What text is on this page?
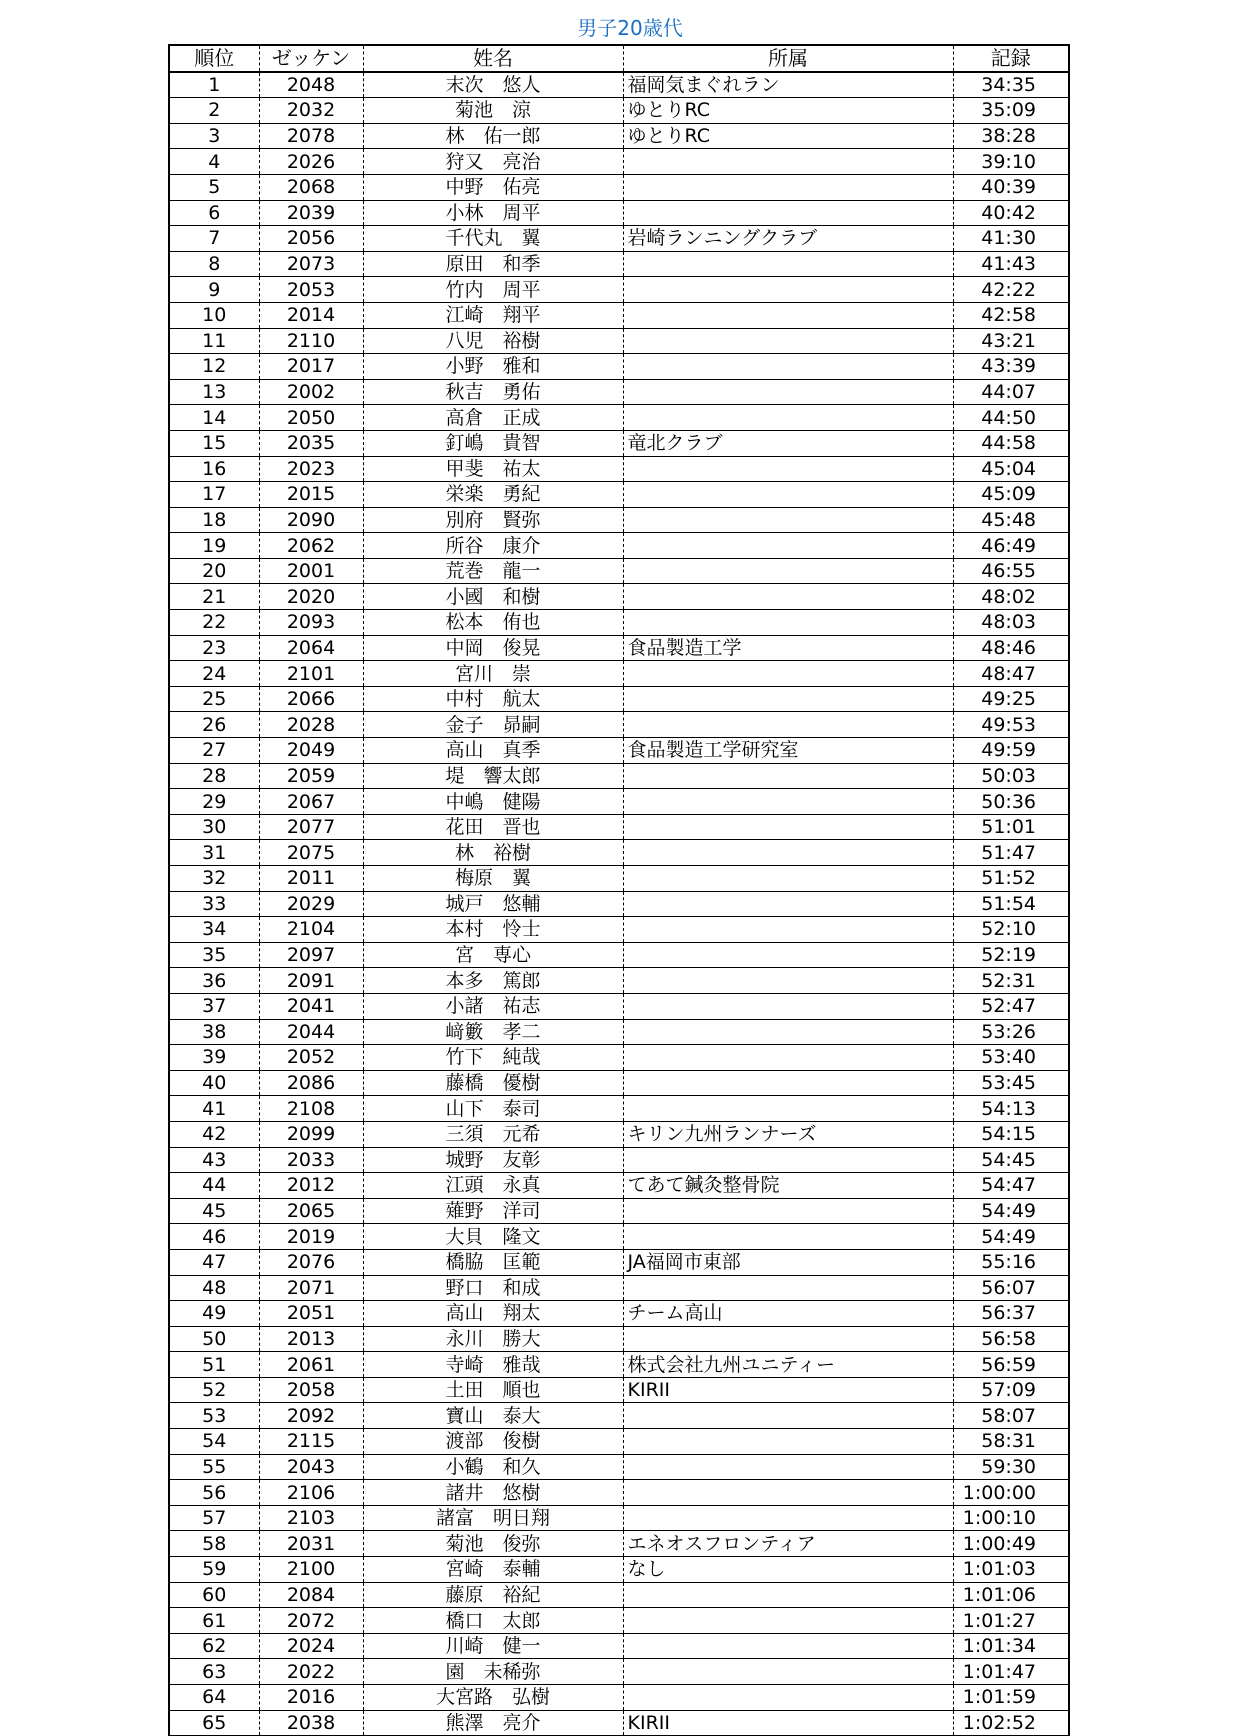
男子20歳代
順位	ゼッケン	姓名	所属	記録
1	2048	末次　悠人	福岡気まぐれラン	34:35
2	2032	菊池　涼	ゆとりRC	35:09
3	2078	林　佑一郎	ゆとりRC	38:28
4	2026	狩又　亮治		39:10
5	2068	中野　佑亮		40:39
6	2039	小林　周平		40:42
7	2056	千代丸　翼	岩崎ランニングクラブ	41:30
8	2073	原田　和季		41:43
9	2053	竹内　周平		42:22
10	2014	江崎　翔平		42:58
11	2110	八児　裕樹		43:21
12	2017	小野　雅和		43:39
13	2002	秋吉　勇佑		44:07
14	2050	高倉　正成		44:50
15	2035	釘嶋　貴智	竜北クラブ	44:58
16	2023	甲斐　祐太		45:04
17	2015	栄楽　勇紀		45:09
18	2090	別府　賢弥		45:48
19	2062	所谷　康介		46:49
20	2001	荒巻　龍一		46:55
21	2020	小國　和樹		48:02
22	2093	松本　侑也		48:03
23	2064	中岡　俊晃	食品製造工学	48:46
24	2101	宮川　崇		48:47
25	2066	中村　航太		49:25
26	2028	金子　昴嗣		49:53
27	2049	高山　真季	食品製造工学研究室	49:59
28	2059	堤　響太郎		50:03
29	2067	中嶋　健陽		50:36
30	2077	花田　晋也		51:01
31	2075	林　裕樹		51:47
32	2011	梅原　翼		51:52
33	2029	城戸　悠輔		51:54
34	2104	本村　怜士		52:10
35	2097	宮　専心		52:19
36	2091	本多　篤郎		52:31
37	2041	小諸　祐志		52:47
38	2044	﨑籔　孝二		53:26
39	2052	竹下　純哉		53:40
40	2086	藤橋　優樹		53:45
41	2108	山下　泰司		54:13
42	2099	三須　元希	キリン九州ランナーズ	54:15
43	2033	城野　友彰		54:45
44	2012	江頭　永真	てあて鍼灸整骨院	54:47
45	2065	薙野　洋司		54:49
46	2019	大貝　隆文		54:49
47	2076	橋脇　匡範	JA福岡市東部	55:16
48	2071	野口　和成		56:07
49	2051	高山　翔太	チーム高山	56:37
50	2013	永川　勝大		56:58
51	2061	寺崎　雅哉	株式会社九州ユニティー	56:59
52	2058	土田　順也	KIRII	57:09
53	2092	寶山　泰大		58:07
54	2115	渡部　俊樹		58:31
55	2043	小鶴　和久		59:30
56	2106	諸井　悠樹		1:00:00
57	2103	諸富　明日翔		1:00:10
58	2031	菊池　俊弥	エネオスフロンティア	1:00:49
59	2100	宮崎　泰輔	なし	1:01:03
60	2084	藤原　裕紀		1:01:06
61	2072	橋口　太郎		1:01:27
62	2024	川崎　健一		1:01:34
63	2022	園　未稀弥		1:01:47
64	2016	大宮路　弘樹		1:01:59
65	2038	熊澤　亮介	KIRII	1:02:52
